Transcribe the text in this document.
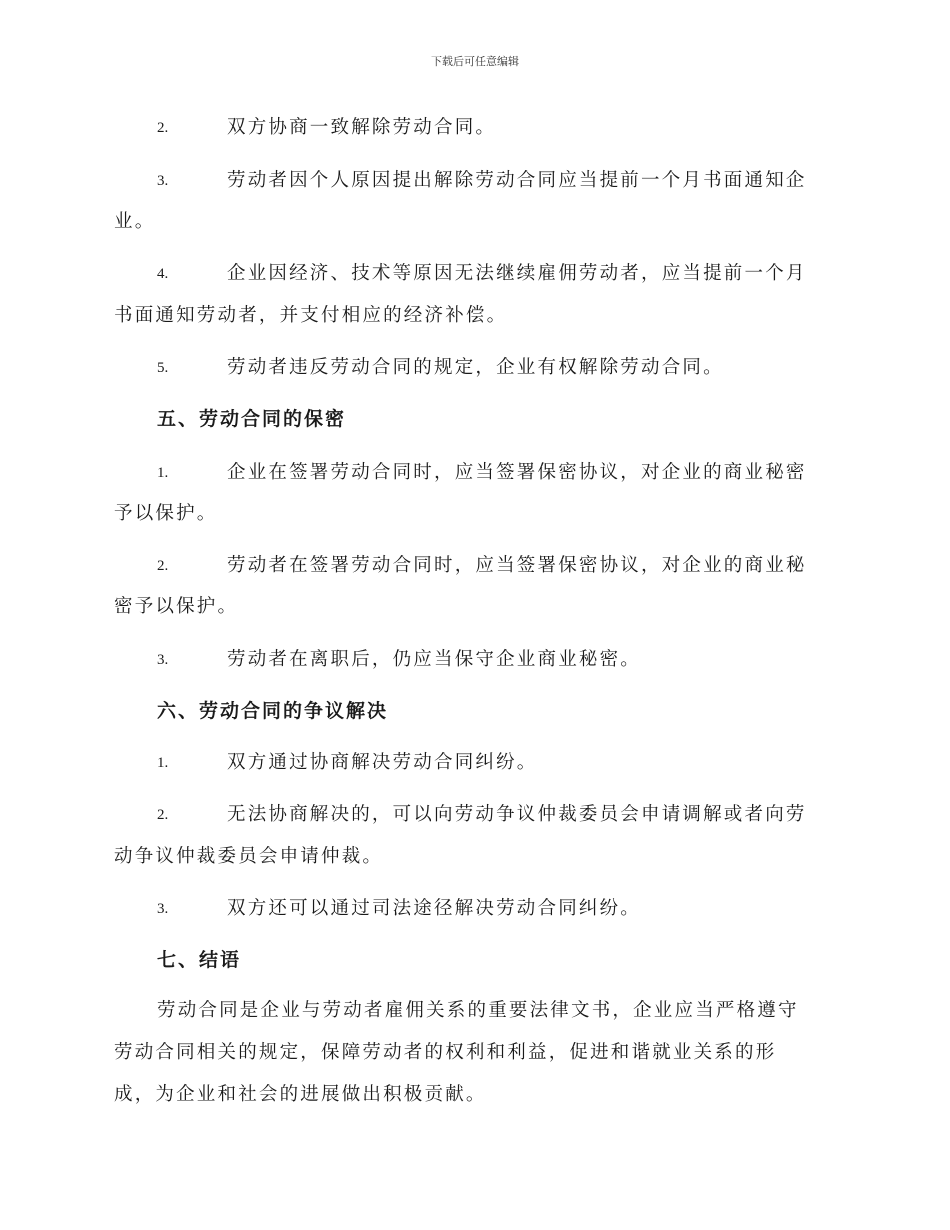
下载后可任意编辑
2.	双方协商一致解除劳动合同。
3.	劳动者因个人原因提出解除劳动合同应当提前一个月书面通知企
业。
4.	企业因经济、技术等原因无法继续雇佣劳动者，应当提前一个月
书面通知劳动者，并支付相应的经济补偿。
5.	劳动者违反劳动合同的规定，企业有权解除劳动合同。
五、劳动合同的保密
1.	企业在签署劳动合同时，应当签署保密协议，对企业的商业秘密
予以保护。
2.	劳动者在签署劳动合同时，应当签署保密协议，对企业的商业秘
密予以保护。
3.	劳动者在离职后，仍应当保守企业商业秘密。
六、劳动合同的争议解决
1.	双方通过协商解决劳动合同纠纷。
2.	无法协商解决的，可以向劳动争议仲裁委员会申请调解或者向劳
动争议仲裁委员会申请仲裁。
3.	双方还可以通过司法途径解决劳动合同纠纷。
七、结语
劳动合同是企业与劳动者雇佣关系的重要法律文书，企业应当严格遵守
劳动合同相关的规定，保障劳动者的权利和利益，促进和谐就业关系的形
成，为企业和社会的进展做出积极贡献。
